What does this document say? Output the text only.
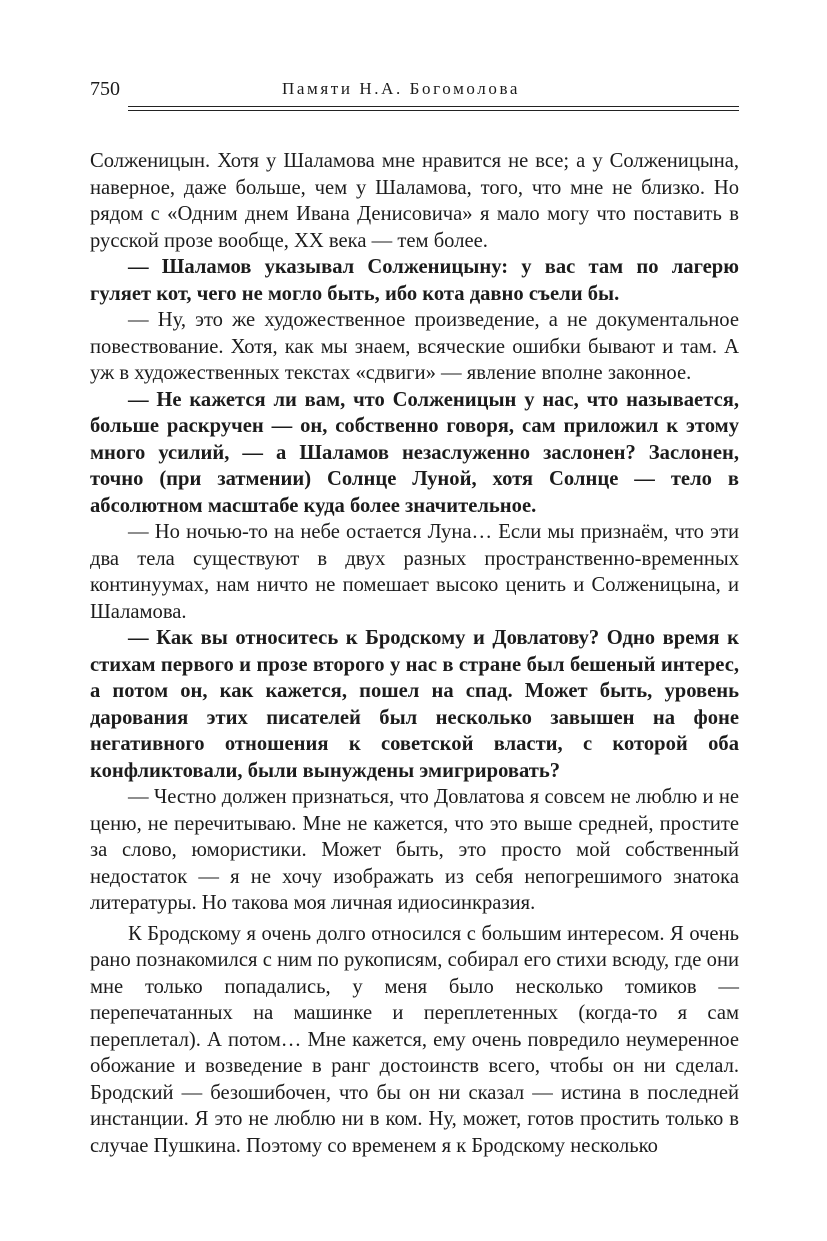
750	Памяти Н.А. Богомолова

Солженицын. Хотя у Шаламова мне нравится не все; а у Солженицына, наверное, даже больше, чем у Шаламова, того, что мне не близко. Но рядом с «Одним днем Ивана Денисовича» я мало могу что поставить в русской прозе вообще, XX века — тем более.

— Шаламов указывал Солженицыну: у вас там по лагерю гуляет кот, чего не могло быть, ибо кота давно съели бы.

— Ну, это же художественное произведение, а не документальное повествование. Хотя, как мы знаем, всяческие ошибки бывают и там. А уж в художественных текстах «сдвиги» — явление вполне законное.

— Не кажется ли вам, что Солженицын у нас, что называется, больше раскручен — он, собственно говоря, сам приложил к этому много усилий, — а Шаламов незаслуженно заслонен? Заслонен, точно (при затмении) Солнце Луной, хотя Солнце — тело в абсолютном масштабе куда более значительное.

— Но ночью-то на небе остается Луна… Если мы признаём, что эти два тела существуют в двух разных пространственно-временных континуумах, нам ничто не помешает высоко ценить и Солженицына, и Шаламова.

— Как вы относитесь к Бродскому и Довлатову? Одно время к стихам первого и прозе второго у нас в стране был бешеный интерес, а потом он, как кажется, пошел на спад. Может быть, уровень дарования этих писателей был несколько завышен на фоне негативного отношения к советской власти, с которой оба конфликтовали, были вынуждены эмигрировать?

— Честно должен признаться, что Довлатова я совсем не люблю и не ценю, не перечитываю. Мне не кажется, что это выше средней, простите за слово, юмористики. Может быть, это просто мой собственный недостаток — я не хочу изображать из себя непогрешимого знатока литературы. Но такова моя личная идиосинкразия.

К Бродскому я очень долго относился с большим интересом. Я очень рано познакомился с ним по рукописям, собирал его стихи всюду, где они мне только попадались, у меня было несколько томиков — перепечатанных на машинке и переплетенных (когда-то я сам переплетал). А потом… Мне кажется, ему очень повредило неумеренное обожание и возведение в ранг достоинств всего, чтобы он ни сделал. Бродский — безошибочен, что бы он ни сказал — истина в последней инстанции. Я это не люблю ни в ком. Ну, может, готов простить только в случае Пушкина. Поэтому со временем я к Бродскому несколько
